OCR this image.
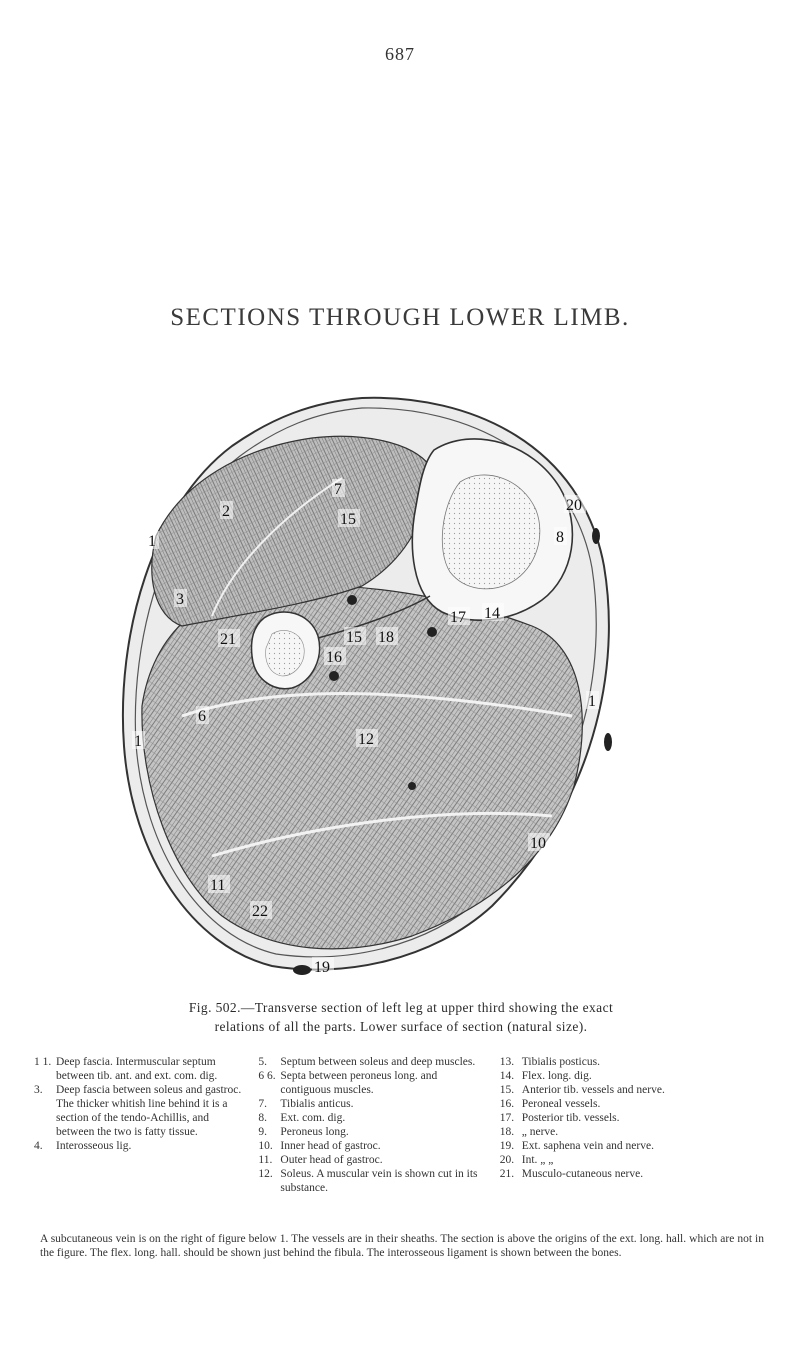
687
SECTIONS THROUGH LOWER LIMB.
1
1
1
2
3
21
6
7
15
15 18
16
17 14
12
10
11
22
19
20
8
Fig. 502.—Transverse section of left leg at upper third showing the exact
relations of all the parts. Lower surface of section (natural size).
1 1. Deep fascia. Intermuscular septum between tib. ant. and ext. com. dig.
3.	Deep fascia between soleus and gastroc. The thicker whitish line behind it is a section of the tendo-Achillis, and between the two is fatty tissue.
4.	Interosseous lig.
5.	Septum between soleus and deep muscles.
6 6. Septa between peroneus long. and contiguous muscles.
7.	Tibialis anticus.
8.	Ext. com. dig.
9.	Peroneus long.
10. Inner head of gastroc.
11. Outer head of gastroc.
12. Soleus. A muscular vein is shown cut in its substance.
13. Tibialis posticus.
14. Flex. long. dig.
15. Anterior tib. vessels and nerve.
16. Peroneal vessels.
17. Posterior tib. vessels.
18. „ nerve.
19. Ext. saphena vein and nerve.
20. Int. „ „
21. Musculo-cutaneous nerve.
A subcutaneous vein is on the right of figure below 1. The vessels are in their sheaths. The section is above the origins of the ext. long. hall. which are not in the figure. The flex. long. hall. should be shown just behind the fibula. The interosseous ligament is shown between the bones.
